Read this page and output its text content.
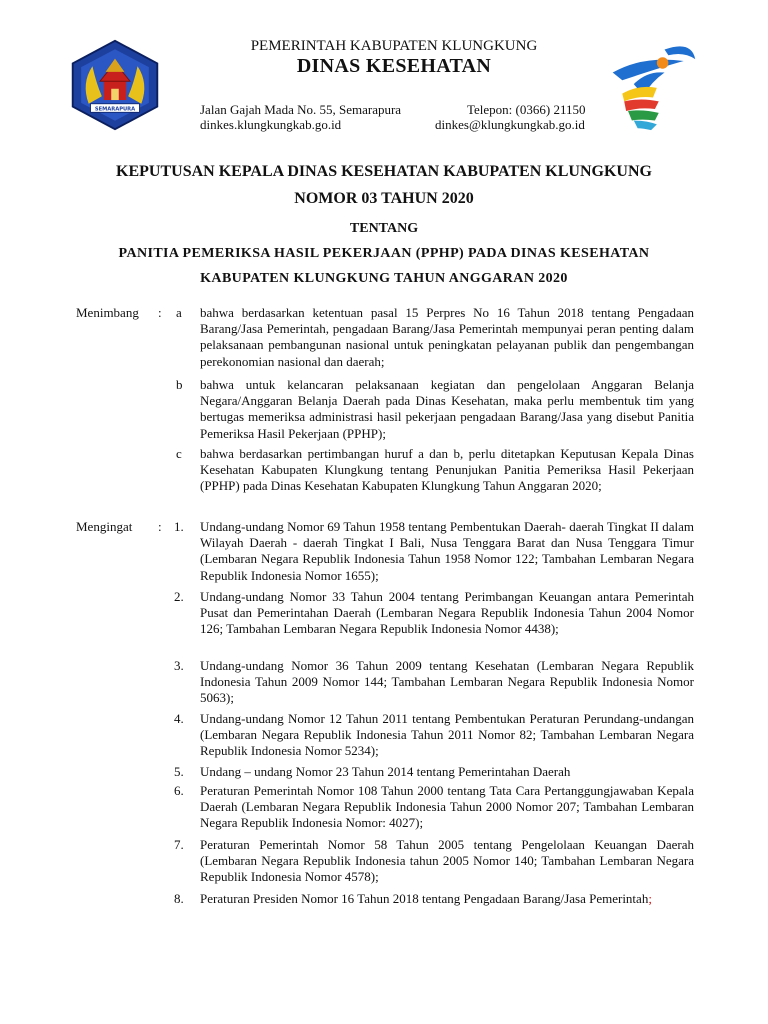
SEMARAPURA
PEMERINTAH KABUPATEN KLUNGKUNG
DINAS KESEHATAN
Jalan Gajah Mada No. 55, Semarapura	Telepon: (0366) 21150
dinkes.klungkungkab.go.id	dinkes@klungkungkab.go.id
KEPUTUSAN KEPALA DINAS KESEHATAN KABUPATEN KLUNGKUNG
NOMOR 03 TAHUN 2020
TENTANG
PANITIA PEMERIKSA HASIL PEKERJAAN (PPHP) PADA DINAS KESEHATAN
KABUPATEN KLUNGKUNG TAHUN ANGGARAN 2020
Menimbang : a bahwa berdasarkan ketentuan pasal 15 Perpres No 16 Tahun 2018 tentang Pengadaan Barang/Jasa Pemerintah, pengadaan Barang/Jasa Pemerintah mempunyai peran penting dalam pelaksanaan pembangunan nasional untuk peningkatan pelayanan publik dan pengembangan perekonomian nasional dan daerah;
b bahwa untuk kelancaran pelaksanaan kegiatan dan pengelolaan Anggaran Belanja Negara/Anggaran Belanja Daerah pada Dinas Kesehatan, maka perlu membentuk tim yang bertugas memeriksa administrasi hasil pekerjaan pengadaan Barang/Jasa yang disebut Panitia Pemeriksa Hasil Pekerjaan (PPHP);
c bahwa berdasarkan pertimbangan huruf a dan b, perlu ditetapkan Keputusan Kepala Dinas Kesehatan Kabupaten Klungkung tentang Penunjukan Panitia Pemeriksa Hasil Pekerjaan (PPHP) pada Dinas Kesehatan Kabupaten Klungkung Tahun Anggaran 2020;
Mengingat : 1. Undang-undang Nomor 69 Tahun 1958 tentang Pembentukan Daerah- daerah Tingkat II dalam Wilayah Daerah - daerah Tingkat I Bali, Nusa Tenggara Barat dan Nusa Tenggara Timur (Lembaran Negara Republik Indonesia Tahun 1958 Nomor 122; Tambahan Lembaran Negara Republik Indonesia Nomor 1655);
2. Undang-undang Nomor 33 Tahun 2004 tentang Perimbangan Keuangan antara Pemerintah Pusat dan Pemerintahan Daerah (Lembaran Negara Republik Indonesia Tahun 2004 Nomor 126; Tambahan Lembaran Negara Republik Indonesia Nomor 4438);
3. Undang-undang Nomor 36 Tahun 2009 tentang Kesehatan (Lembaran Negara Republik Indonesia Tahun 2009 Nomor 144; Tambahan Lembaran Negara Republik Indonesia Nomor 5063);
4. Undang-undang Nomor 12 Tahun 2011 tentang Pembentukan Peraturan Perundang-undangan (Lembaran Negara Republik Indonesia Tahun 2011 Nomor 82; Tambahan Lembaran Negara Republik Indonesia Nomor 5234);
5. Undang – undang Nomor 23 Tahun 2014 tentang Pemerintahan Daerah
6. Peraturan Pemerintah Nomor 108 Tahun 2000 tentang Tata Cara Pertanggungjawaban Kepala Daerah (Lembaran Negara Republik Indonesia Tahun 2000 Nomor 207; Tambahan Lembaran Negara Republik Indonesia Nomor: 4027);
7. Peraturan Pemerintah Nomor 58 Tahun 2005 tentang Pengelolaan Keuangan Daerah (Lembaran Negara Republik Indonesia tahun 2005 Nomor 140; Tambahan Lembaran Negara Republik Indonesia Nomor 4578);
8. Peraturan Presiden Nomor 16 Tahun 2018 tentang Pengadaan Barang/Jasa Pemerintah;
